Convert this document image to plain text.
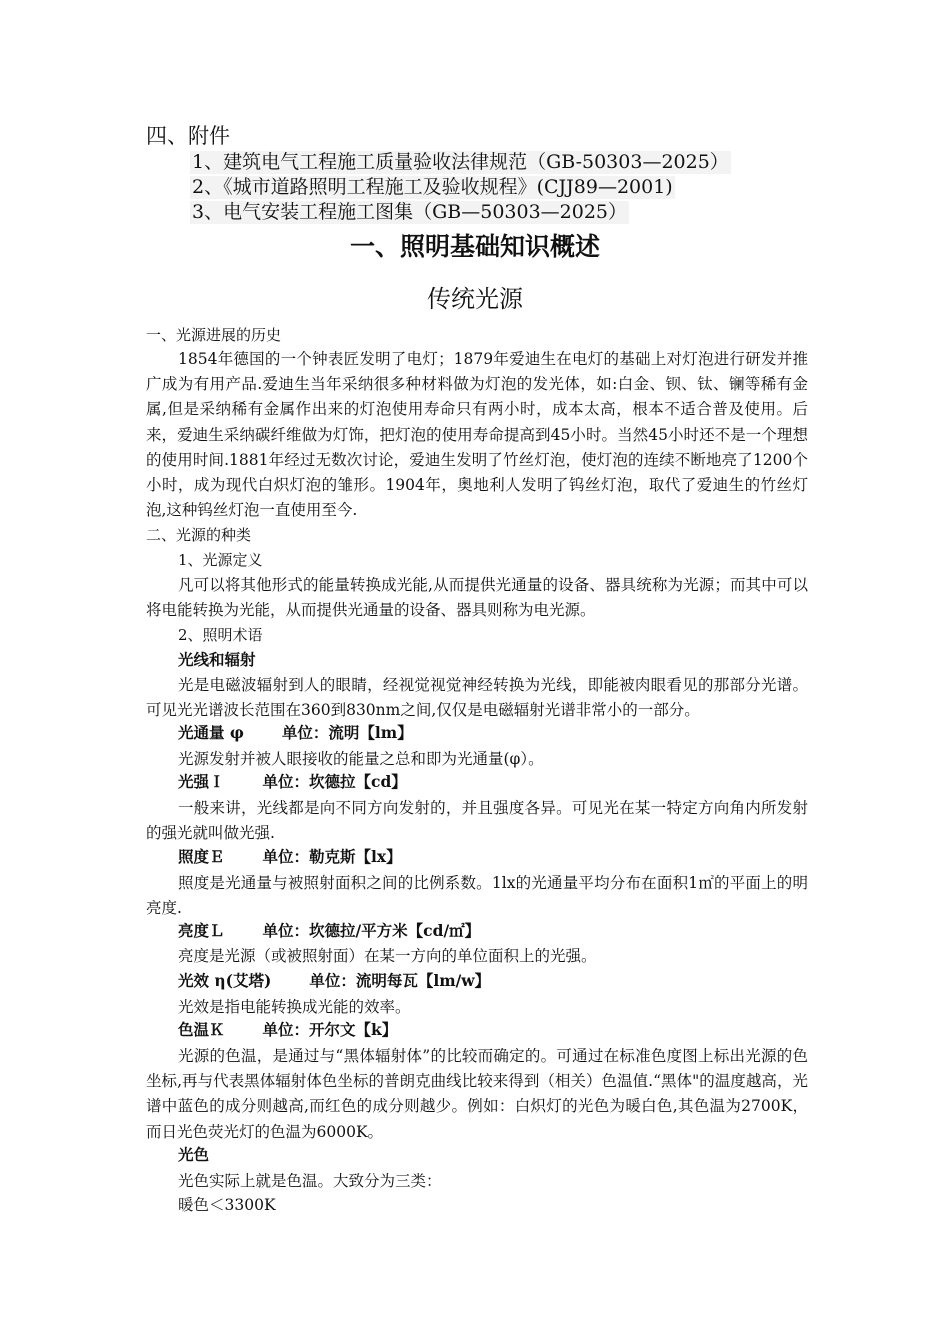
四、附件
1、建筑电气工程施工质量验收法律规范（GB-50303—2025）
2、《城市道路照明工程施工及验收规程》(CJJ89—2001)
3、电气安装工程施工图集（GB—50303—2025）
一、照明基础知识概述
传统光源
一、光源进展的历史

1854年德国的一个钟表匠发明了电灯；1879年爱迪生在电灯的基础上对灯泡进行研发并推广成为有用产品.爱迪生当年采纳很多种材料做为灯泡的发光体，如:白金、钡、钛、镧等稀有金属,但是采纳稀有金属作出来的灯泡使用寿命只有两小时，成本太高，根本不适合普及使用。后来，爱迪生采纳碳纤维做为灯饰，把灯泡的使用寿命提高到45小时。当然45小时还不是一个理想的使用时间.1881年经过无数次讨论，爱迪生发明了竹丝灯泡，使灯泡的连续不断地亮了1200个小时，成为现代白炽灯泡的雏形。1904年，奥地利人发明了钨丝灯泡，取代了爱迪生的竹丝灯泡,这种钨丝灯泡一直使用至今.

二、光源的种类
1、光源定义

凡可以将其他形式的能量转换成光能,从而提供光通量的设备、器具统称为光源；而其中可以将电能转换为光能，从而提供光通量的设备、器具则称为电光源。

2、照明术语
光线和辐射

光是电磁波辐射到人的眼睛，经视觉视觉神经转换为光线，即能被肉眼看见的那部分光谱。可见光光谱波长范围在360到830nm之间,仅仅是电磁辐射光谱非常小的一部分。

光通量 φ 单位：流明【lm】

光源发射并被人眼接收的能量之总和即为光通量(φ）。

光强Ｉ 单位：坎德拉【cd】

一般来讲，光线都是向不同方向发射的，并且强度各异。可见光在某一特定方向角内所发射的强光就叫做光强.

照度Ｅ 单位：勒克斯【lx】

照度是光通量与被照射面积之间的比例系数。1lx的光通量平均分布在面积1㎡的平面上的明亮度.

亮度Ｌ 单位：坎德拉/平方米【cd/㎡】

亮度是光源（或被照射面）在某一方向的单位面积上的光强。

光效 η(艾塔) 单位：流明每瓦【lm/w】

光效是指电能转换成光能的效率。

色温Ｋ 单位：开尔文【k】

光源的色温，是通过与“黑体辐射体”的比较而确定的。可通过在标准色度图上标出光源的色坐标,再与代表黑体辐射体色坐标的普朗克曲线比较来得到（相关）色温值.“黑体"的温度越高，光谱中蓝色的成分则越高,而红色的成分则越少。例如：白炽灯的光色为暖白色,其色温为2700K，而日光色荧光灯的色温为6000K。

光色

光色实际上就是色温。大致分为三类：

暖色＜3300K
